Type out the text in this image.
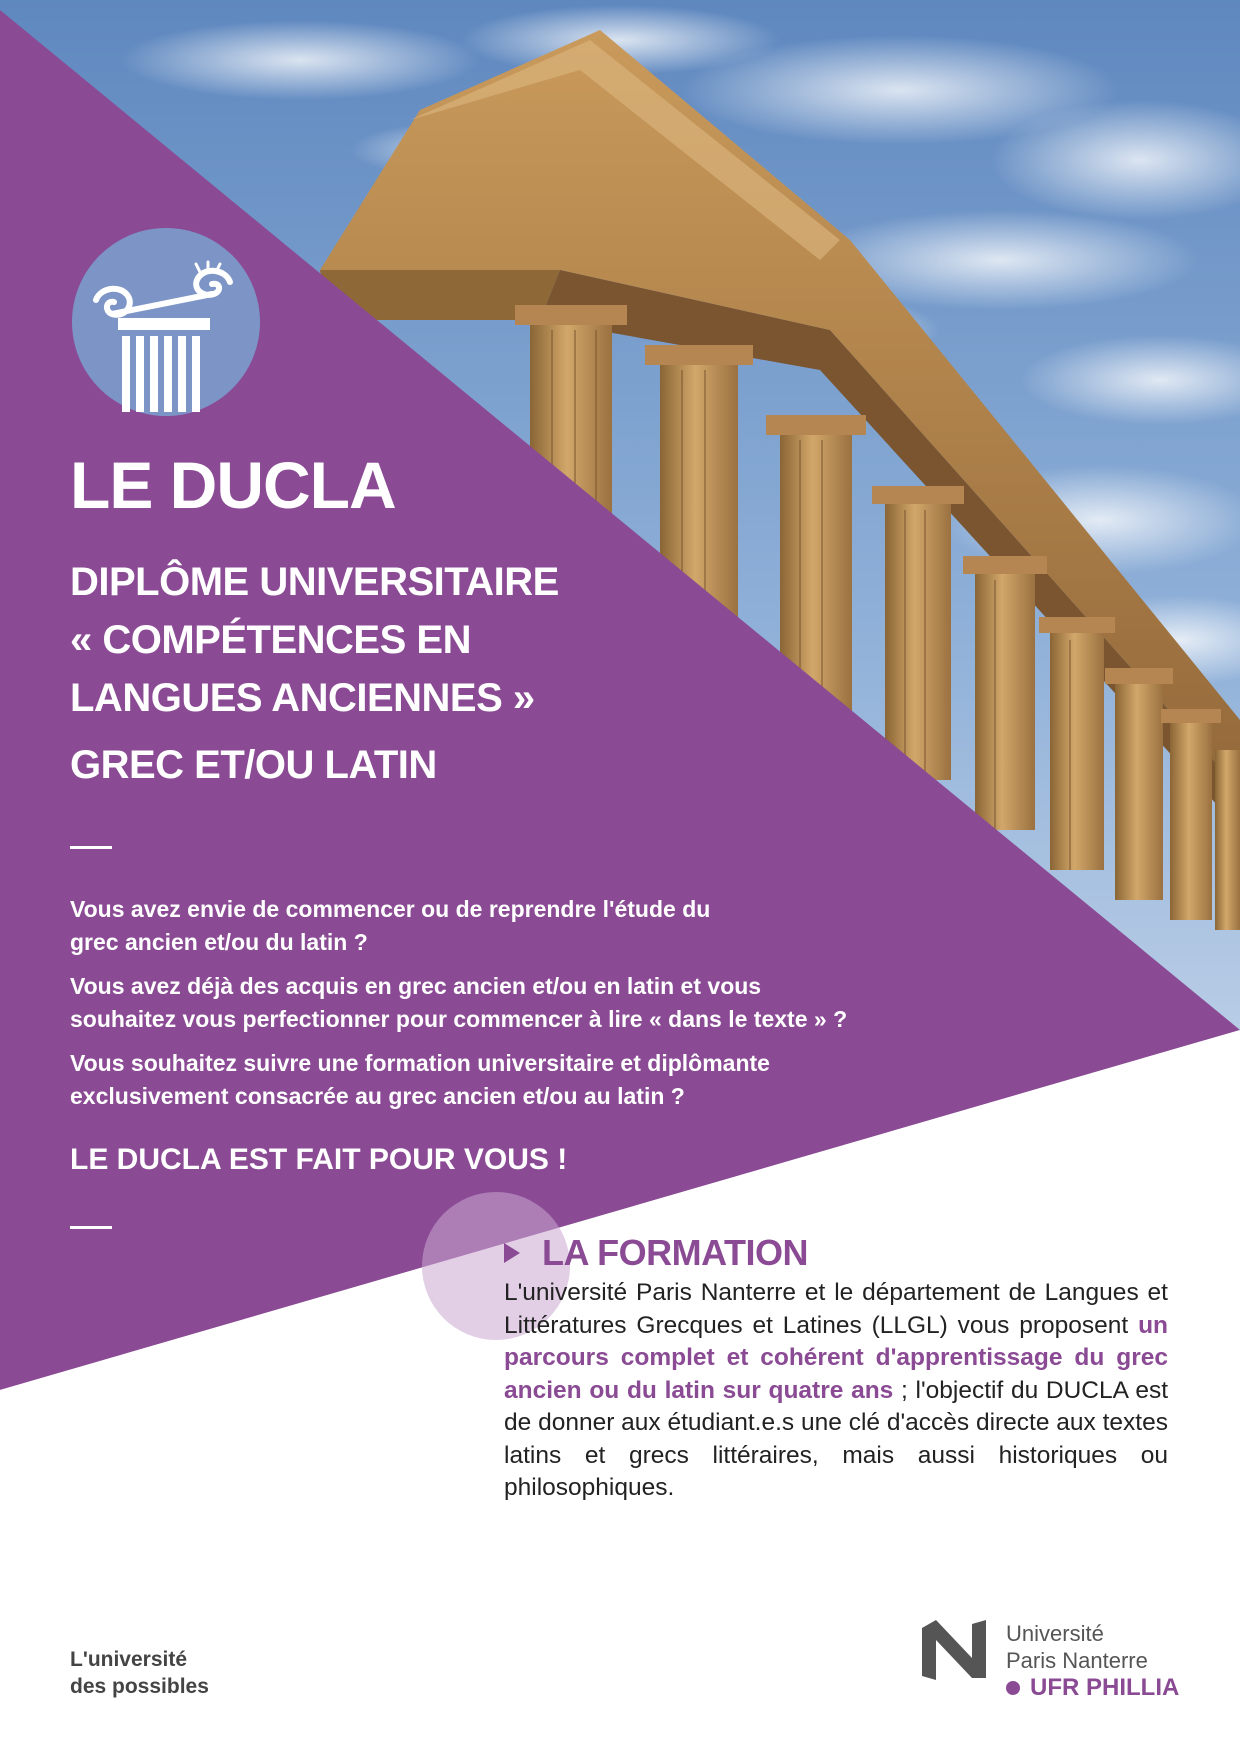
LE DUCLA
DIPLÔME UNIVERSITAIRE
« COMPÉTENCES EN
LANGUES ANCIENNES »
GREC ET/OU LATIN

Vous avez envie de commencer ou de reprendre l'étude du
grec ancien et/ou du latin ?

Vous avez déjà des acquis en grec ancien et/ou en latin et vous
souhaitez vous perfectionner pour commencer à lire « dans le texte » ?

Vous souhaitez suivre une formation universitaire et diplômante
exclusivement consacrée au grec ancien et/ou au latin ?

LE DUCLA EST FAIT POUR VOUS !

LA FORMATION

L'université Paris Nanterre et le département de Langues et Littératures Grecques et Latines (LLGL) vous proposent un parcours complet et cohérent d'apprentissage du grec ancien ou du latin sur quatre ans ; l'objectif du DUCLA est de donner aux étudiant.e.s une clé d'accès directe aux textes latins et grecs littéraires, mais aussi historiques ou philosophiques.

L'université
des possibles

Université
Paris Nanterre
UFR PHILLIA
